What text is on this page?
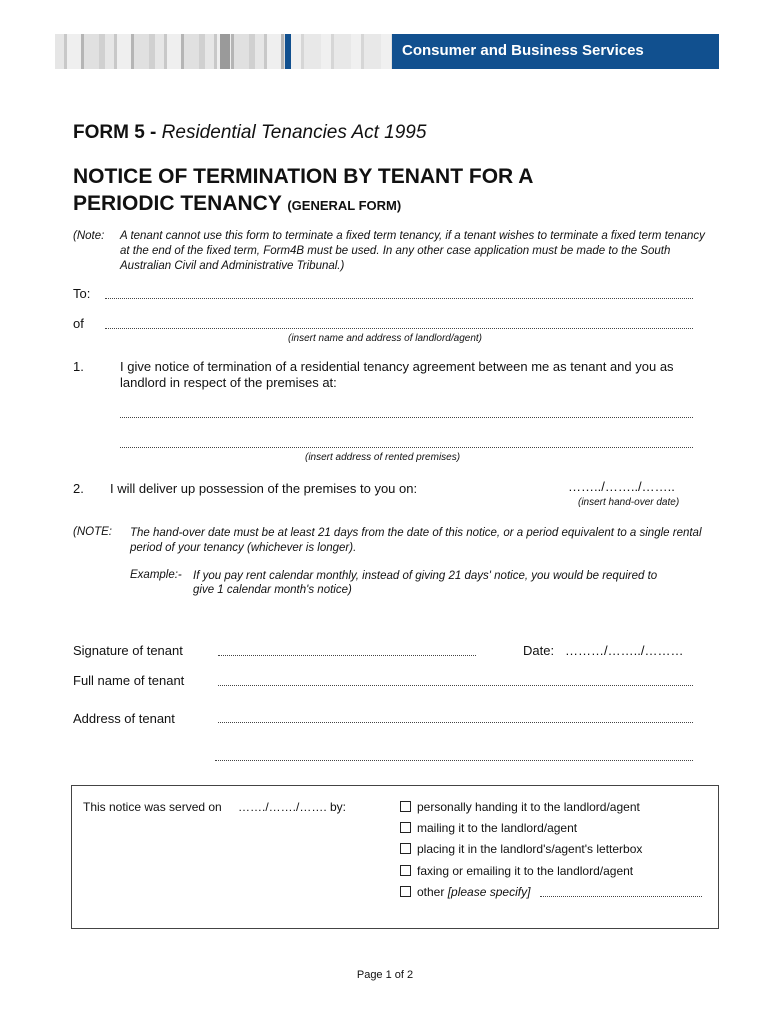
Consumer and Business Services
FORM 5 - Residential Tenancies Act 1995
NOTICE OF TERMINATION BY TENANT FOR A
PERIODIC TENANCY (GENERAL FORM)
(Note: A tenant cannot use this form to terminate a fixed term tenancy, if a tenant wishes to terminate a fixed term tenancy at the end of the fixed term, Form4B must be used. In any other case application must be made to the South Australian Civil and Administrative Tribunal.)
To:
of
(insert name and address of landlord/agent)
1.	I give notice of termination of a residential tenancy agreement between me as tenant and you as landlord in respect of the premises at:
(insert address of rented premises)
2. I will deliver up possession of the premises to you on:	……../……../……..
(insert hand-over date)
(NOTE: The hand-over date must be at least 21 days from the date of this notice, or a period equivalent to a single rental period of your tenancy (whichever is longer).
Example:- If you pay rent calendar monthly, instead of giving 21 days' notice, you would be required to give 1 calendar month's notice)
Signature of tenant	Date: ………/……../………
Full name of tenant
Address of tenant
This notice was served on ……./……./……. by:	personally handing it to the landlord/agent
mailing it to the landlord/agent
placing it in the landlord's/agent's letterbox
faxing or emailing it to the landlord/agent
other [please specify]
Page 1 of 2
